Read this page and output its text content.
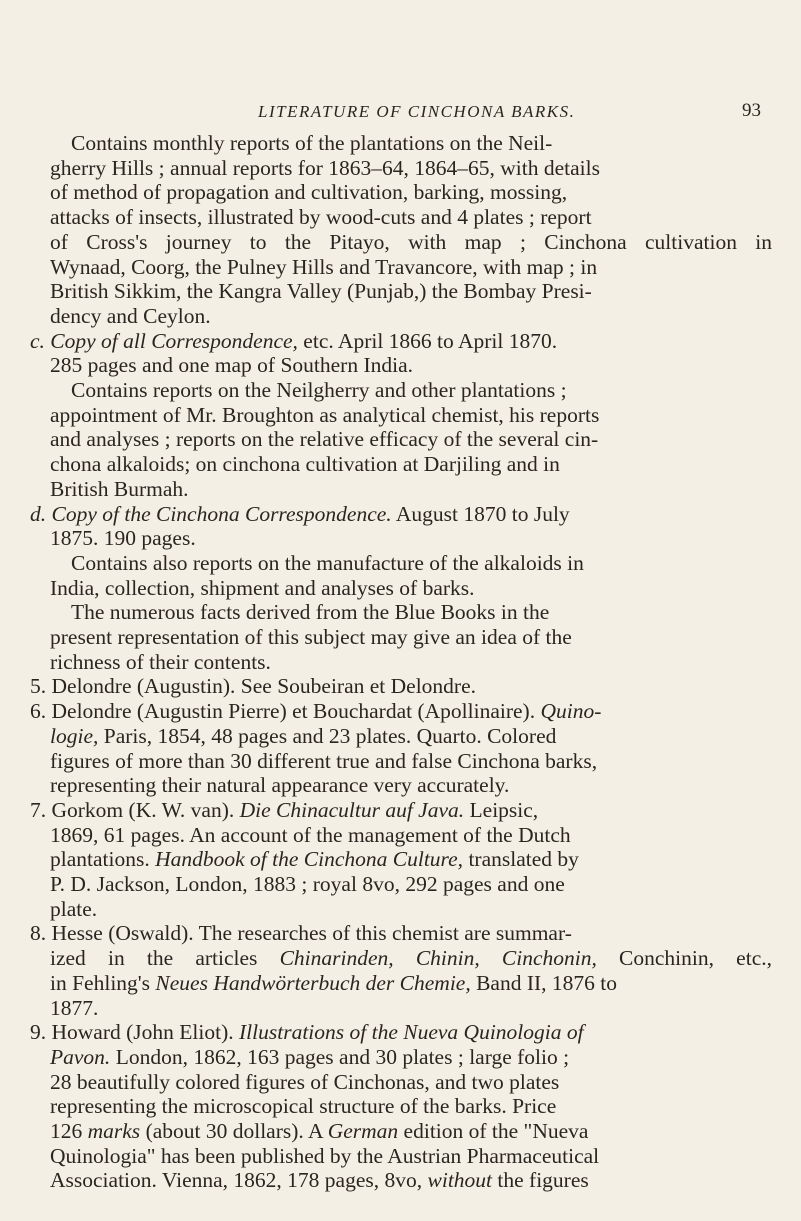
LITERATURE OF CINCHONA BARKS.	93
Contains monthly reports of the plantations on the Neil-
gherry Hills ; annual reports for 1863–64, 1864–65, with details
of method of propagation and cultivation, barking, mossing,
attacks of insects, illustrated by wood-cuts and 4 plates ; report
of Cross's journey to the Pitayo, with map ; Cinchona cultivation in
Wynaad, Coorg, the Pulney Hills and Travancore, with map ; in
British Sikkim, the Kangra Valley (Punjab,) the Bombay Presi-
dency and Ceylon.
c. Copy of all Correspondence, etc. April 1866 to April 1870.
285 pages and one map of Southern India.
Contains reports on the Neilgherry and other plantations ;
appointment of Mr. Broughton as analytical chemist, his reports
and analyses ; reports on the relative efficacy of the several cin-
chona alkaloids; on cinchona cultivation at Darjiling and in
British Burmah.
d. Copy of the Cinchona Correspondence. August 1870 to July
1875. 190 pages.
Contains also reports on the manufacture of the alkaloids in
India, collection, shipment and analyses of barks.
The numerous facts derived from the Blue Books in the
present representation of this subject may give an idea of the
richness of their contents.
5. Delondre (Augustin). See Soubeiran et Delondre.
6. Delondre (Augustin Pierre) et Bouchardat (Apollinaire). Quino-
logie, Paris, 1854, 48 pages and 23 plates. Quarto. Colored
figures of more than 30 different true and false Cinchona barks,
representing their natural appearance very accurately.
7. Gorkom (K. W. van). Die Chinacultur auf Java. Leipsic,
1869, 61 pages. An account of the management of the Dutch
plantations. Handbook of the Cinchona Culture, translated by
P. D. Jackson, London, 1883 ; royal 8vo, 292 pages and one
plate.
8. Hesse (Oswald). The researches of this chemist are summar-
ized in the articles Chinarinden, Chinin, Cinchonin, Conchinin, etc.,
in Fehling's Neues Handwörterbuch der Chemie, Band II, 1876 to
1877.
9. Howard (John Eliot). Illustrations of the Nueva Quinologia of
Pavon. London, 1862, 163 pages and 30 plates ; large folio ;
28 beautifully colored figures of Cinchonas, and two plates
representing the microscopical structure of the barks. Price
126 marks (about 30 dollars). A German edition of the "Nueva
Quinologia" has been published by the Austrian Pharmaceutical
Association. Vienna, 1862, 178 pages, 8vo, without the figures
